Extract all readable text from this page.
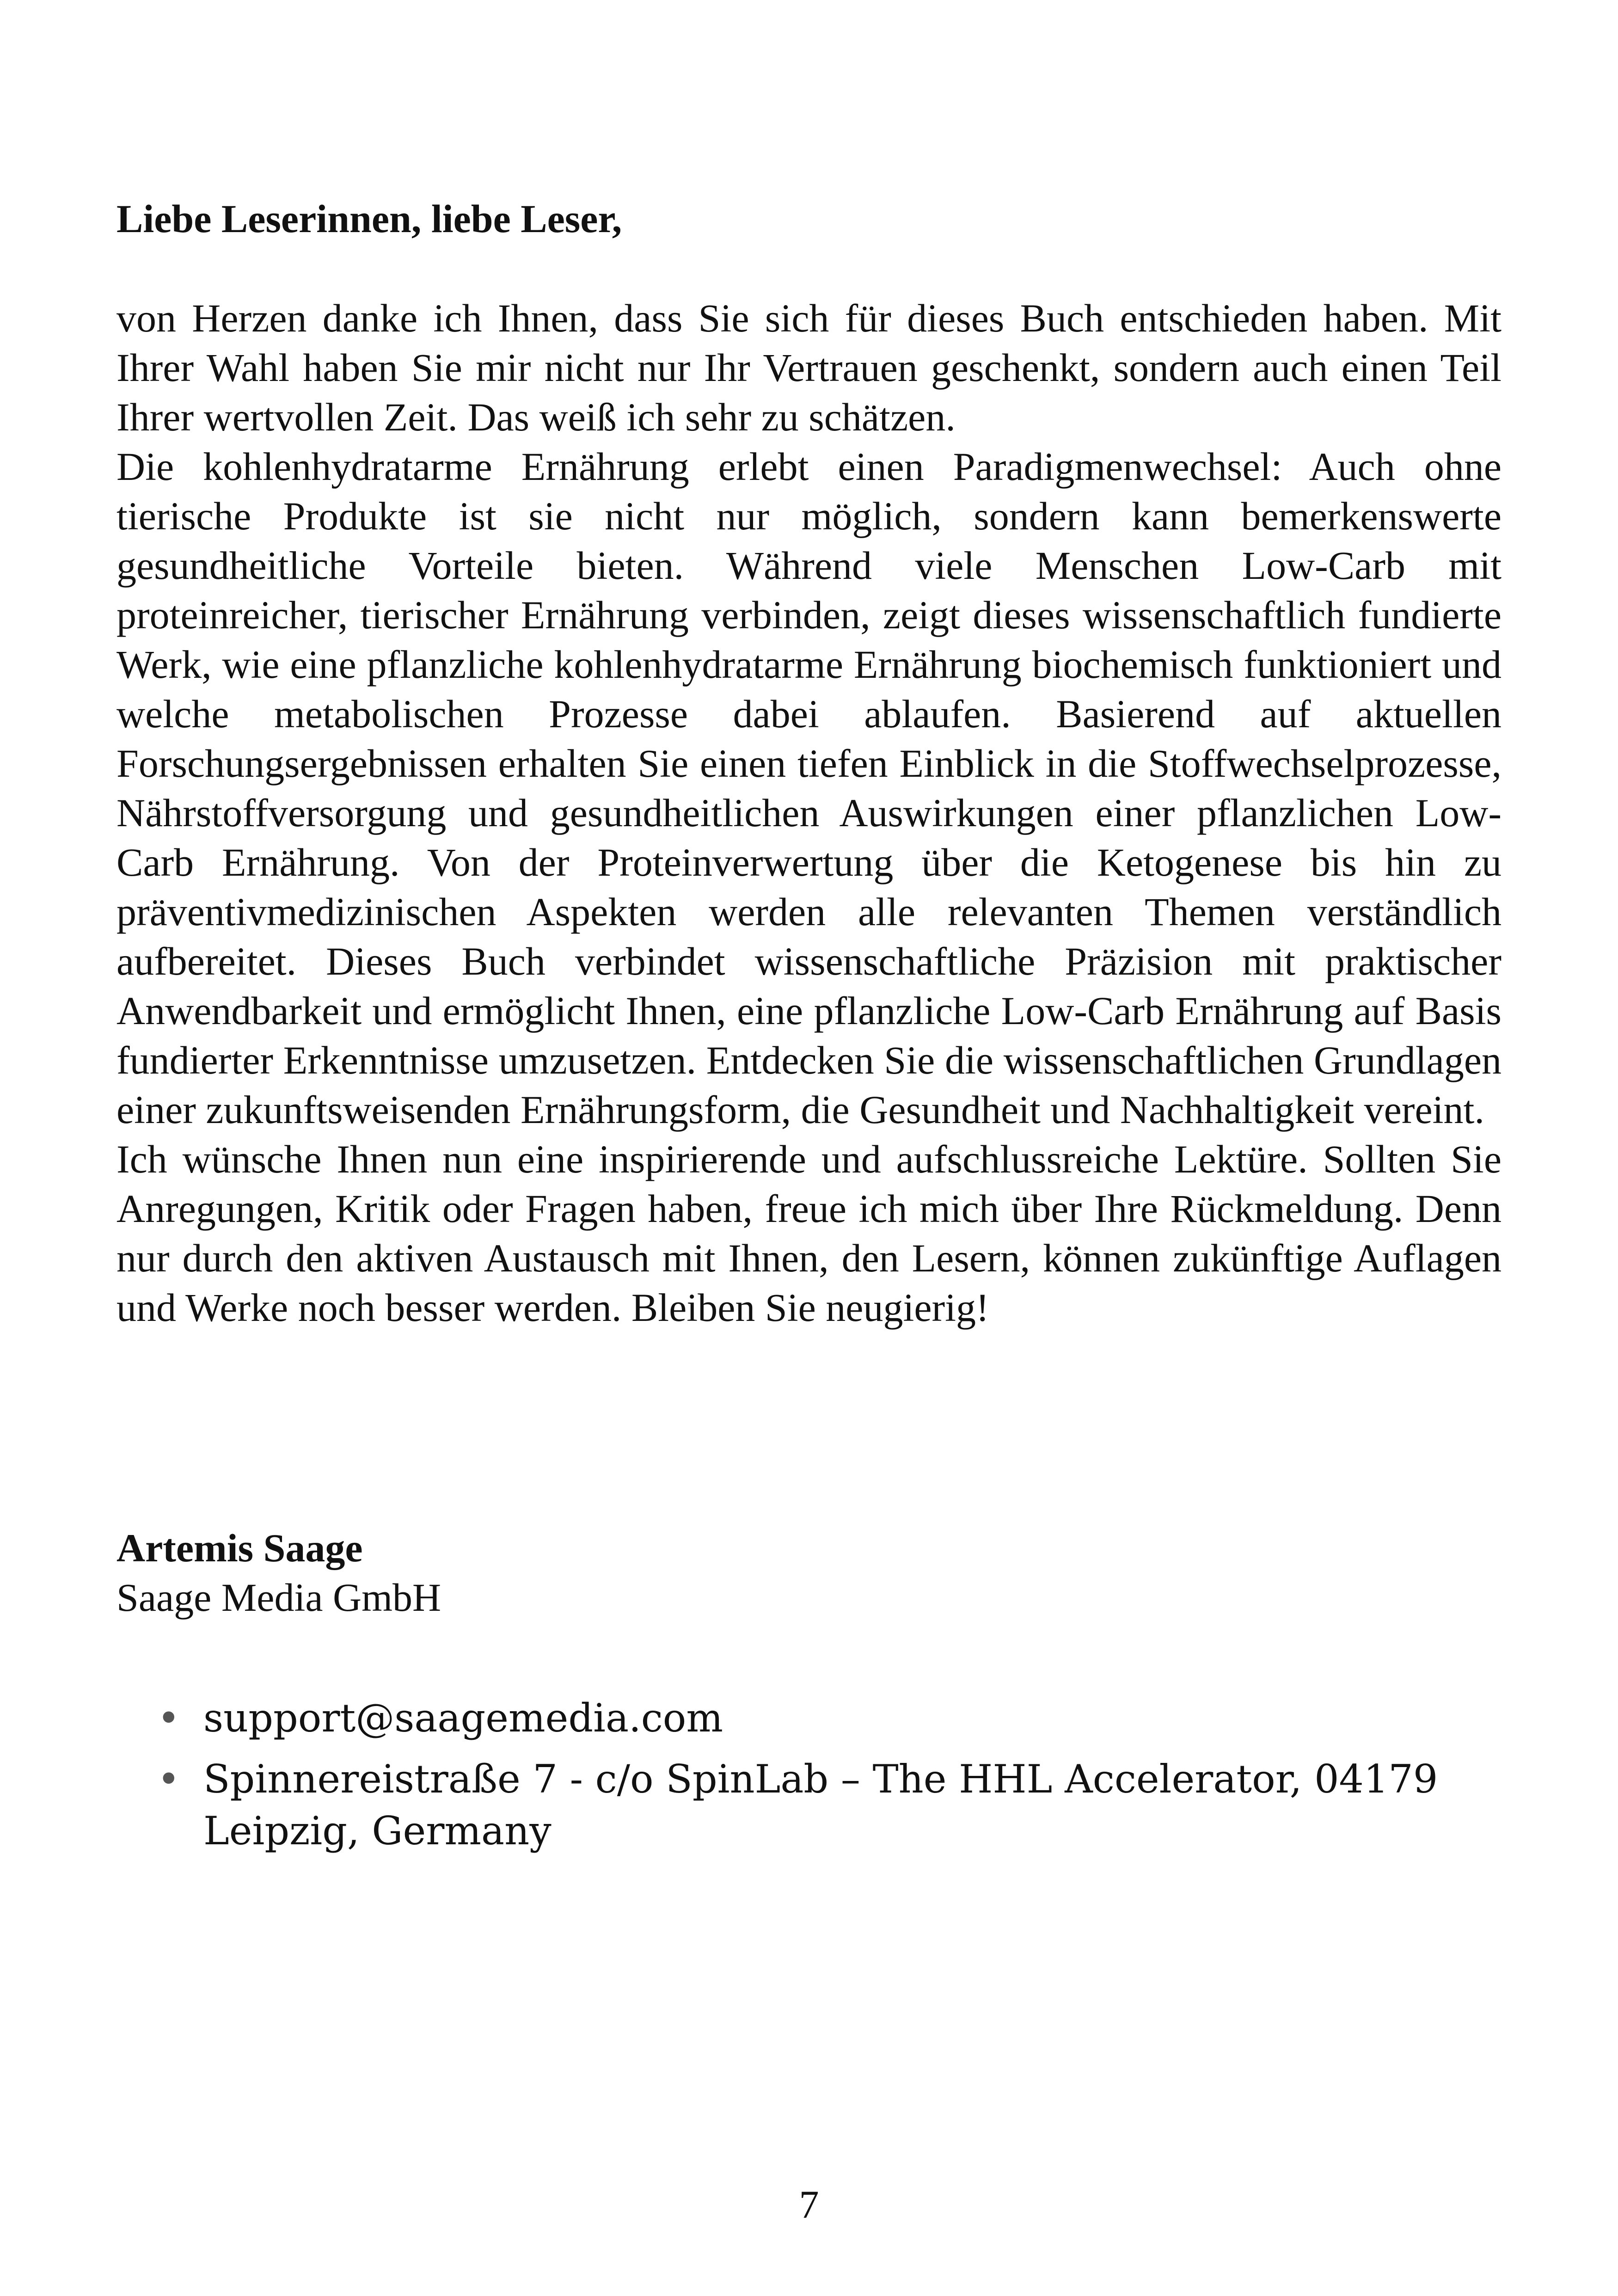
Liebe Leserinnen, liebe Leser,

von Herzen danke ich Ihnen, dass Sie sich für dieses Buch entschieden haben. Mit Ihrer Wahl haben Sie mir nicht nur Ihr Vertrauen geschenkt, sondern auch einen Teil Ihrer wertvollen Zeit. Das weiß ich sehr zu schätzen.

Die kohlenhydratarme Ernährung erlebt einen Paradigmenwechsel: Auch ohne tierische Produkte ist sie nicht nur möglich, sondern kann bemerkenswerte gesundheitliche Vorteile bieten. Während viele Menschen Low-Carb mit proteinreicher, tierischer Ernährung verbinden, zeigt dieses wissenschaftlich fundierte Werk, wie eine pflanzliche kohlenhydratarme Ernährung biochemisch funktioniert und welche metabolischen Prozesse dabei ablaufen. Basierend auf aktuellen Forschungsergebnissen erhalten Sie einen tiefen Einblick in die Stoffwechselprozesse, Nährstoffversorgung und gesundheitlichen Auswirkungen einer pflanzlichen Low-Carb Ernährung. Von der Proteinverwertung über die Ketogenese bis hin zu präventivmedizinischen Aspekten werden alle relevanten Themen verständlich aufbereitet. Dieses Buch verbindet wissenschaftliche Präzision mit praktischer Anwendbarkeit und ermöglicht Ihnen, eine pflanzliche Low-Carb Ernährung auf Basis fundierter Erkenntnisse umzusetzen. Entdecken Sie die wissenschaftlichen Grundlagen einer zukunftsweisenden Ernährungsform, die Gesundheit und Nachhaltigkeit vereint.

Ich wünsche Ihnen nun eine inspirierende und aufschlussreiche Lektüre. Sollten Sie Anregungen, Kritik oder Fragen haben, freue ich mich über Ihre Rückmeldung. Denn nur durch den aktiven Austausch mit Ihnen, den Lesern, können zukünftige Auflagen und Werke noch besser werden. Bleiben Sie neugierig!

Artemis Saage
Saage Media GmbH
• support@saagemedia.com
• Spinnereistraße 7 - c/o SpinLab – The HHL Accelerator, 04179 Leipzig, Germany
7
